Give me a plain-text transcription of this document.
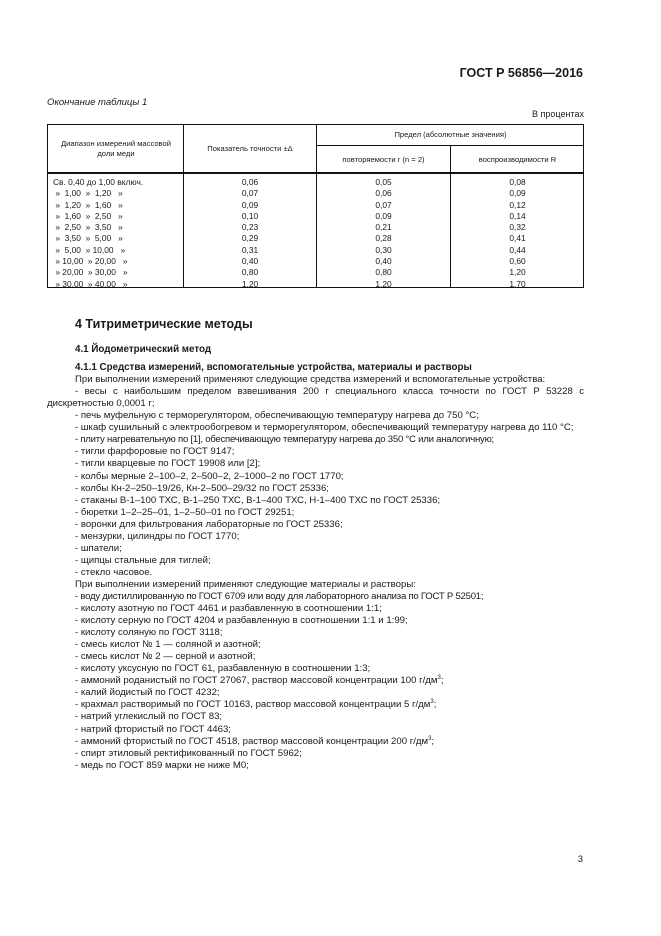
ГОСТ Р 56856—2016
Окончание таблицы 1
В процентах
Диапазон измерений массовой доли меди
Показатель точности ±Δ
Предел (абсолютные значения)
повторяемости r (n = 2)	воспроизводимости R
Св. 0,40 до 1,00 включ.
»  1,00  »  1,20   »
»  1,20  »  1,60   »
»  1,60  »  2,50   »
»  2,50  »  3,50   »
»  3,50  »  5,00   »
»  5,00  » 10,00   »
» 10,00  » 20,00   »
» 20,00  » 30,00   »
» 30,00  » 40,00   »
0,06
0,07
0,09
0,10
0,23
0,29
0,31
0,40
0,80
1,20
0,05
0,06
0,07
0,09
0,21
0,28
0,30
0,40
0,80
1,20
0,08
0,09
0,12
0,14
0,32
0,41
0,44
0,60
1,20
1,70

4 Титриметрические методы

4.1 Йодометрический метод

4.1.1 Средства измерений, вспомогательные устройства, материалы и растворы

При выполнении измерений применяют следующие средства измерений и вспомогательные устройства:

- весы с наибольшим пределом взвешивания 200 г специального класса точности по ГОСТ Р 53228 с дискретностью 0,0001 г;

- печь муфельную с терморегулятором, обеспечивающую температуру нагрева до 750 °С;

- шкаф сушильный с электрообогревом и терморегулятором, обеспечивающий температуру нагрева до 110 °С;

- плиту нагревательную по [1], обеспечивающую температуру нагрева до 350 °С или аналогичную;

- тигли фарфоровые по ГОСТ 9147;

- тигли кварцевые по ГОСТ 19908 или [2];

- колбы мерные 2–100–2, 2–500–2, 2–1000–2 по ГОСТ 1770;

- колбы Кн-2–250–19/26, Кн-2–500–29/32 по ГОСТ 25336;

- стаканы В-1–100 ТХС, В-1–250 ТХС, В-1–400 ТХС, Н-1–400 ТХС по ГОСТ 25336;

- бюретки 1–2–25–01, 1–2–50–01 по ГОСТ 29251;

- воронки для фильтрования лабораторные по ГОСТ 25336;

- мензурки, цилиндры по ГОСТ 1770;

- шпатели;

- щипцы стальные для тиглей;

- стекло часовое.

При выполнении измерений применяют следующие материалы и растворы:

- воду дистиллированную по ГОСТ 6709 или воду для лабораторного анализа по ГОСТ Р 52501;

- кислоту азотную по ГОСТ 4461 и разбавленную в соотношении 1:1;

- кислоту серную по ГОСТ 4204 и разбавленную в соотношении 1:1 и 1:99;

- кислоту соляную по ГОСТ 3118;

- смесь кислот № 1 — соляной и азотной;

- смесь кислот № 2 — серной и азотной;

- кислоту уксусную по ГОСТ 61, разбавленную в соотношении 1:3;

- аммоний роданистый по ГОСТ 27067, раствор массовой концентрации 100 $г/дм^3$;

- калий йодистый по ГОСТ 4232;

- крахмал растворимый по ГОСТ 10163, раствор массовой концентрации 5 $г/дм^3$;

- натрий углекислый по ГОСТ 83;

- натрий фтористый по ГОСТ 4463;

- аммоний фтористый по ГОСТ 4518, раствор массовой концентрации 200 $г/дм^3$;

- спирт этиловый ректификованный по ГОСТ 5962;

- медь по ГОСТ 859 марки не ниже М0;

3
